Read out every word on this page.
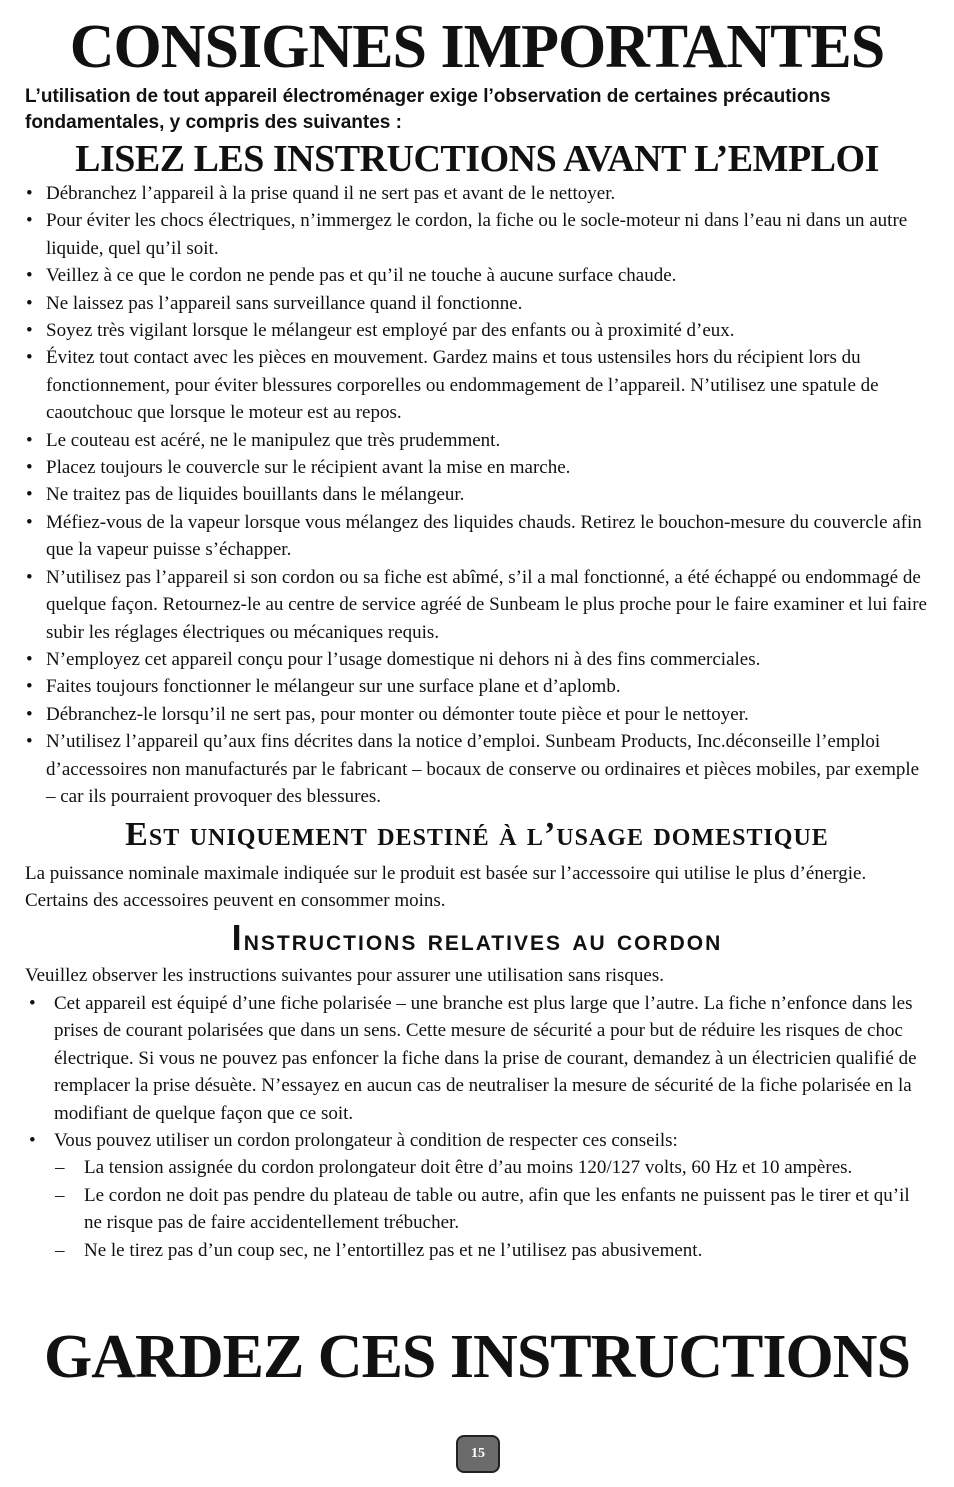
CONSIGNES IMPORTANTES

L’utilisation de tout appareil électroménager exige l’observation de certaines précautions fondamentales, y compris des suivantes :

LISEZ LES INSTRUCTIONS AVANT L’EMPLOI
• Débranchez l’appareil à la prise quand il ne sert pas et avant de le nettoyer.
• Pour éviter les chocs électriques, n’immergez le cordon, la fiche ou le socle-moteur ni dans l’eau ni dans un autre liquide, quel qu’il soit.
• Veillez à ce que le cordon ne pende pas et qu’il ne touche à aucune surface chaude.
• Ne laissez pas l’appareil sans surveillance quand il fonctionne.
• Soyez très vigilant lorsque le mélangeur est employé par des enfants ou à proximité d’eux.
• Évitez tout contact avec les pièces en mouvement. Gardez mains et tous ustensiles hors du récipient lors du fonctionnement, pour éviter blessures corporelles ou endommagement de l’appareil. N’utilisez une spatule de caoutchouc que lorsque le moteur est au repos.
• Le couteau est acéré, ne le manipulez que très prudemment.
• Placez toujours le couvercle sur le récipient avant la mise en marche.
• Ne traitez pas de liquides bouillants dans le mélangeur.
• Méfiez-vous de la vapeur lorsque vous mélangez des liquides chauds. Retirez le bouchon-mesure du couvercle afin que la vapeur puisse s’échapper.
• N’utilisez pas l’appareil si son cordon ou sa fiche est abîmé, s’il a mal fonctionné, a été échappé ou endommagé de quelque façon. Retournez-le au centre de service agréé de Sunbeam le plus proche pour le faire examiner et lui faire subir les réglages électriques ou mécaniques requis.
• N’employez cet appareil conçu pour l’usage domestique ni dehors ni à des fins commerciales.
• Faites toujours fonctionner le mélangeur sur une surface plane et d’aplomb.
• Débranchez-le lorsqu’il ne sert pas, pour monter ou démonter toute pièce et pour le nettoyer.
• N’utilisez l’appareil qu’aux fins décrites dans la notice d’emploi. Sunbeam Products, Inc.déconseille l’emploi d’accessoires non manufacturés par le fabricant – bocaux de conserve ou ordinaires et pièces mobiles, par exemple – car ils pourraient provoquer des blessures.
Est uniquement destiné à l’usage domestique

La puissance nominale maximale indiquée sur le produit est basée sur l’accessoire qui utilise le plus d’énergie. Certains des accessoires peuvent en consommer moins.

Instructions relatives au cordon

Veuillez observer les instructions suivantes pour assurer une utilisation sans risques.

• Cet appareil est équipé d’une fiche polarisée – une branche est plus large que l’autre. La fiche n’enfonce dans les prises de courant polarisées que dans un sens. Cette mesure de sécurité a pour but de réduire les risques de choc électrique. Si vous ne pouvez pas enfoncer la fiche dans la prise de courant, demandez à un électricien qualifié de remplacer la prise désuète. N’essayez en aucun cas de neutraliser la mesure de sécurité de la fiche polarisée en la modifiant de quelque façon que ce soit.
• Vous pouvez utiliser un cordon prolongateur à condition de respecter ces conseils:
– La tension assignée du cordon prolongateur doit être d’au moins 120/127 volts, 60 Hz et 10 ampères.
– Le cordon ne doit pas pendre du plateau de table ou autre, afin que les enfants ne puissent pas le tirer et qu’il ne risque pas de faire accidentellement trébucher.
– Ne le tirez pas d’un coup sec, ne l’entortillez pas et ne l’utilisez pas abusivement.
GARDEZ CES INSTRUCTIONS
15
